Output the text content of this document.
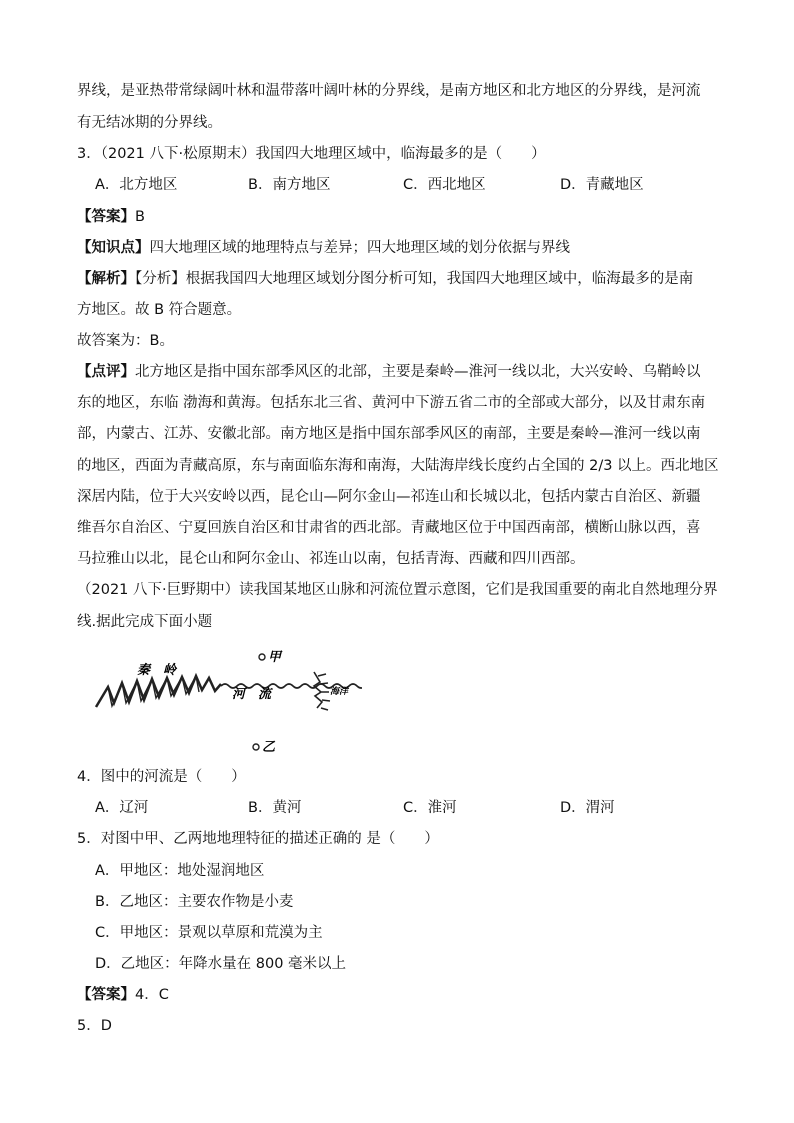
界线，是亚热带常绿阔叶林和温带落叶阔叶林的分界线，是南方地区和北方地区的分界线，是河流
有无结冰期的分界线。
3．（2021 八下·松原期末）我国四大地理区域中，临海最多的是（　　）
A．北方地区	B．南方地区	C．西北地区	D．青藏地区
【答案】B
【知识点】四大地理区域的地理特点与差异；四大地理区域的划分依据与界线
【解析】【分析】根据我国四大地理区域划分图分析可知，我国四大地理区域中，临海最多的是南
方地区。故 B 符合题意。
故答案为：B。
【点评】北方地区是指中国东部季风区的北部，主要是秦岭—淮河一线以北，大兴安岭、乌鞘岭以
东的地区，东临 渤海和黄海。包括东北三省、黄河中下游五省二市的全部或大部分，以及甘肃东南
部，内蒙古、江苏、安徽北部。南方地区是指中国东部季风区的南部，主要是秦岭—淮河一线以南
的地区，西面为青藏高原，东与南面临东海和南海，大陆海岸线长度约占全国的 2/3 以上。西北地区
深居内陆，位于大兴安岭以西，昆仑山—阿尔金山—祁连山和长城以北，包括内蒙古自治区、新疆
维吾尔自治区、宁夏回族自治区和甘肃省的西北部。青藏地区位于中国西南部，横断山脉以西，喜
马拉雅山以北，昆仑山和阿尔金山、祁连山以南，包括青海、西藏和四川西部。
（2021 八下·巨野期中）读我国某地区山脉和河流位置示意图，它们是我国重要的南北自然地理分界
线.据此完成下面小题
秦　岭
河　流	海洋
甲
乙
4．图中的河流是（　　）
A．辽河	B．黄河	C．淮河	D．渭河
5．对图中甲、乙两地地理特征的描述正确的 是（　　）
A．甲地区：地处湿润地区
B．乙地区：主要农作物是小麦
C．甲地区：景观以草原和荒漠为主
D．乙地区：年降水量在 800 毫米以上
【答案】4．C
5．D
